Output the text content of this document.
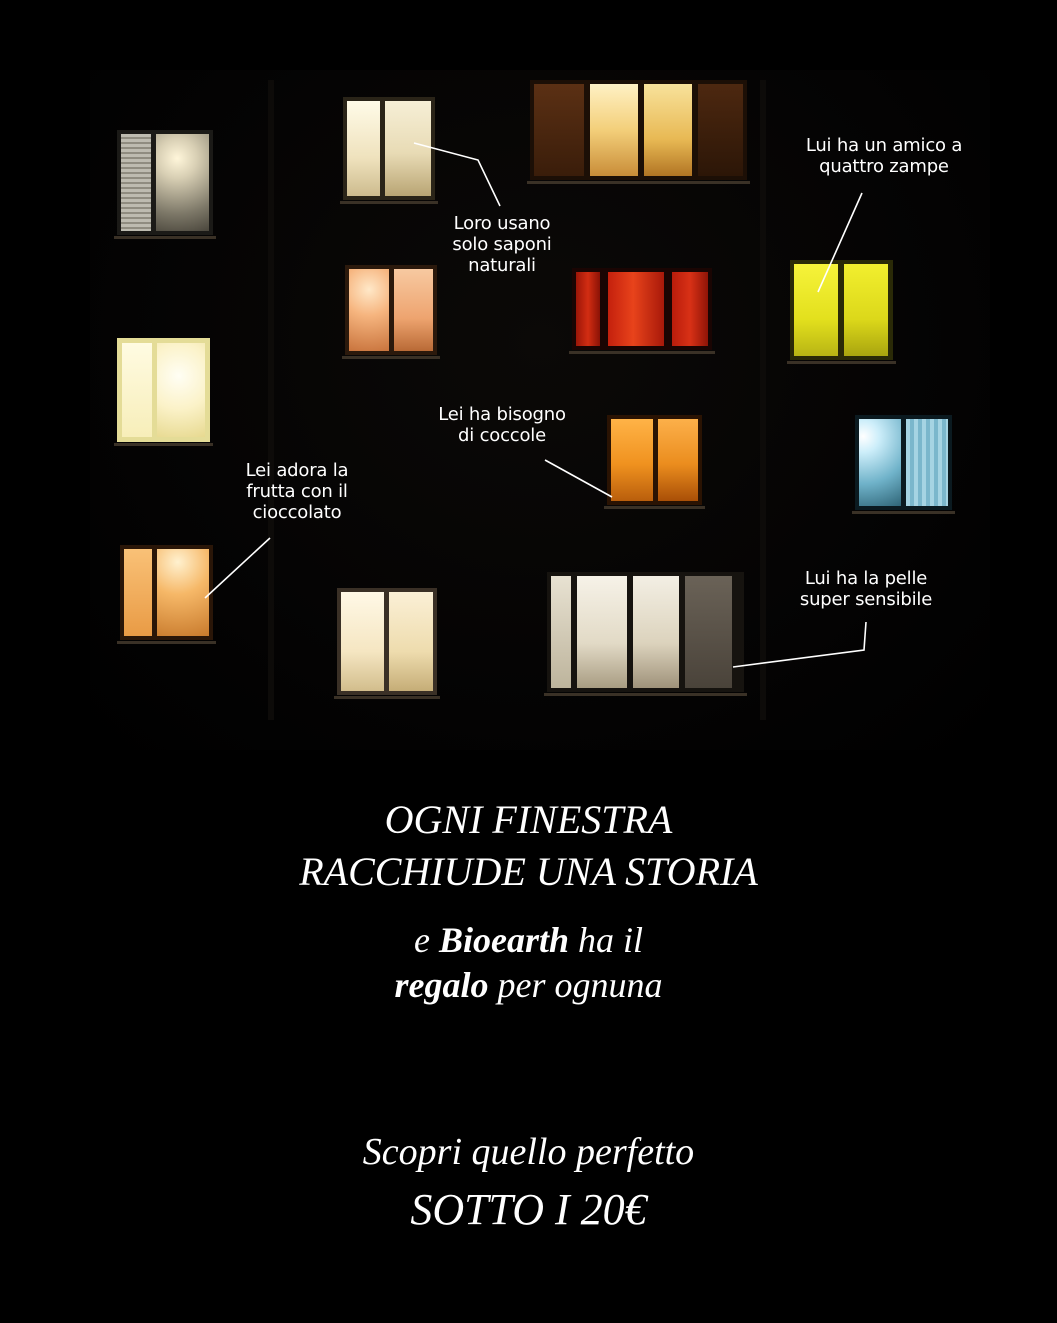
Loro usano
solo saponi
naturali
Lui ha un amico a
quattro zampe
Lei ha bisogno
di coccole
Lei adora la
frutta con il
cioccolato
Lui ha la pelle
super sensibile
OGNI FINESTRA
RACCHIUDE UNA STORIA
e Bioearth ha il
regalo per ognuna
Scopri quello perfetto
SOTTO I 20€
